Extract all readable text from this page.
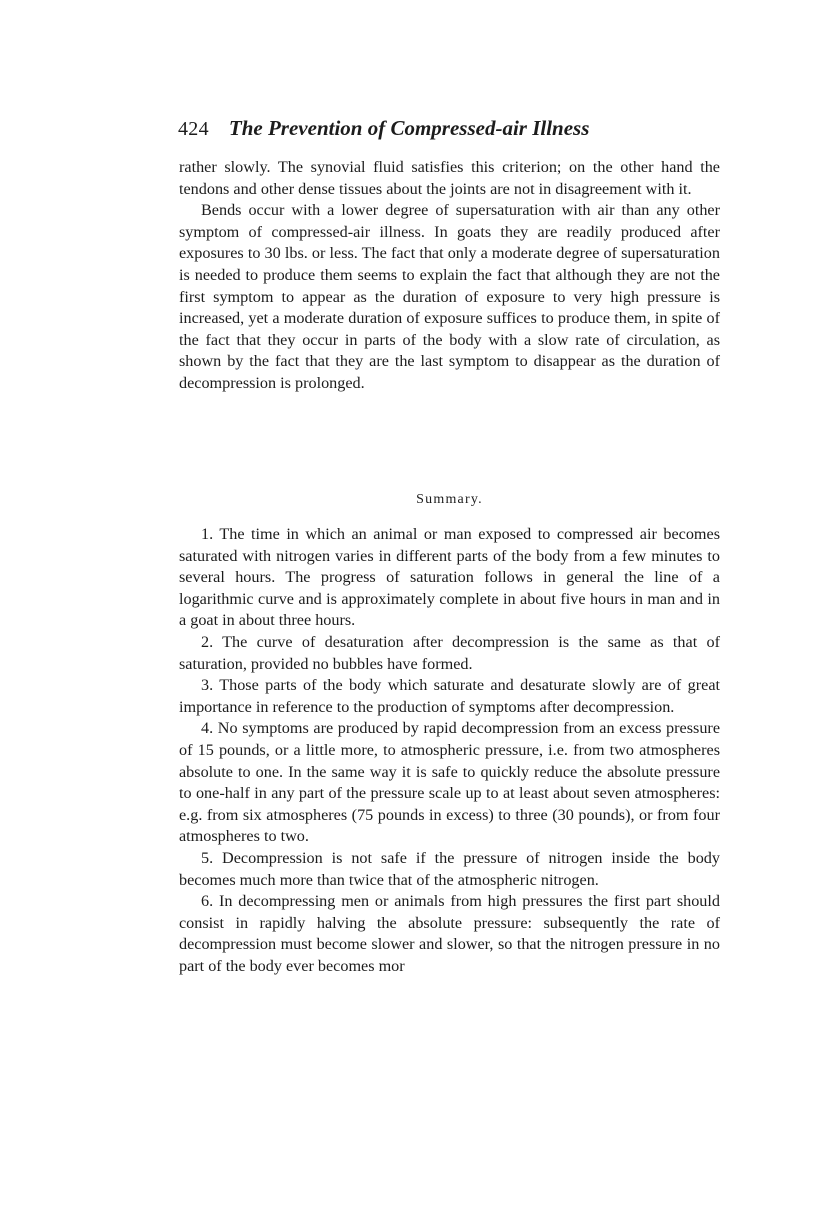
424 The Prevention of Compressed-air Illness

rather slowly. The synovial fluid satisfies this criterion; on the other hand the tendons and other dense tissues about the joints are not in disagreement with it.

Bends occur with a lower degree of supersaturation with air than any other symptom of compressed-air illness. In goats they are readily produced after exposures to 30 lbs. or less. The fact that only a moderate degree of supersaturation is needed to produce them seems to explain the fact that although they are not the first symptom to appear as the duration of exposure to very high pressure is increased, yet a moderate duration of exposure suffices to produce them, in spite of the fact that they occur in parts of the body with a slow rate of circulation, as shown by the fact that they are the last symptom to disappear as the duration of decompression is prolonged.

Summary.

1. The time in which an animal or man exposed to compressed air becomes saturated with nitrogen varies in different parts of the body from a few minutes to several hours. The progress of saturation follows in general the line of a logarithmic curve and is approximately complete in about five hours in man and in a goat in about three hours.

2. The curve of desaturation after decompression is the same as that of saturation, provided no bubbles have formed.

3. Those parts of the body which saturate and desaturate slowly are of great importance in reference to the production of symptoms after decompression.

4. No symptoms are produced by rapid decompression from an excess pressure of 15 pounds, or a little more, to atmospheric pressure, i.e. from two atmospheres absolute to one. In the same way it is safe to quickly reduce the absolute pressure to one-half in any part of the pressure scale up to at least about seven atmospheres: e.g. from six atmospheres (75 pounds in excess) to three (30 pounds), or from four atmospheres to two.

5. Decompression is not safe if the pressure of nitrogen inside the body becomes much more than twice that of the atmospheric nitrogen.

6. In decompressing men or animals from high pressures the first part should consist in rapidly halving the absolute pressure: subsequently the rate of decompression must become slower and slower, so that the nitrogen pressure in no part of the body ever becomes mor
